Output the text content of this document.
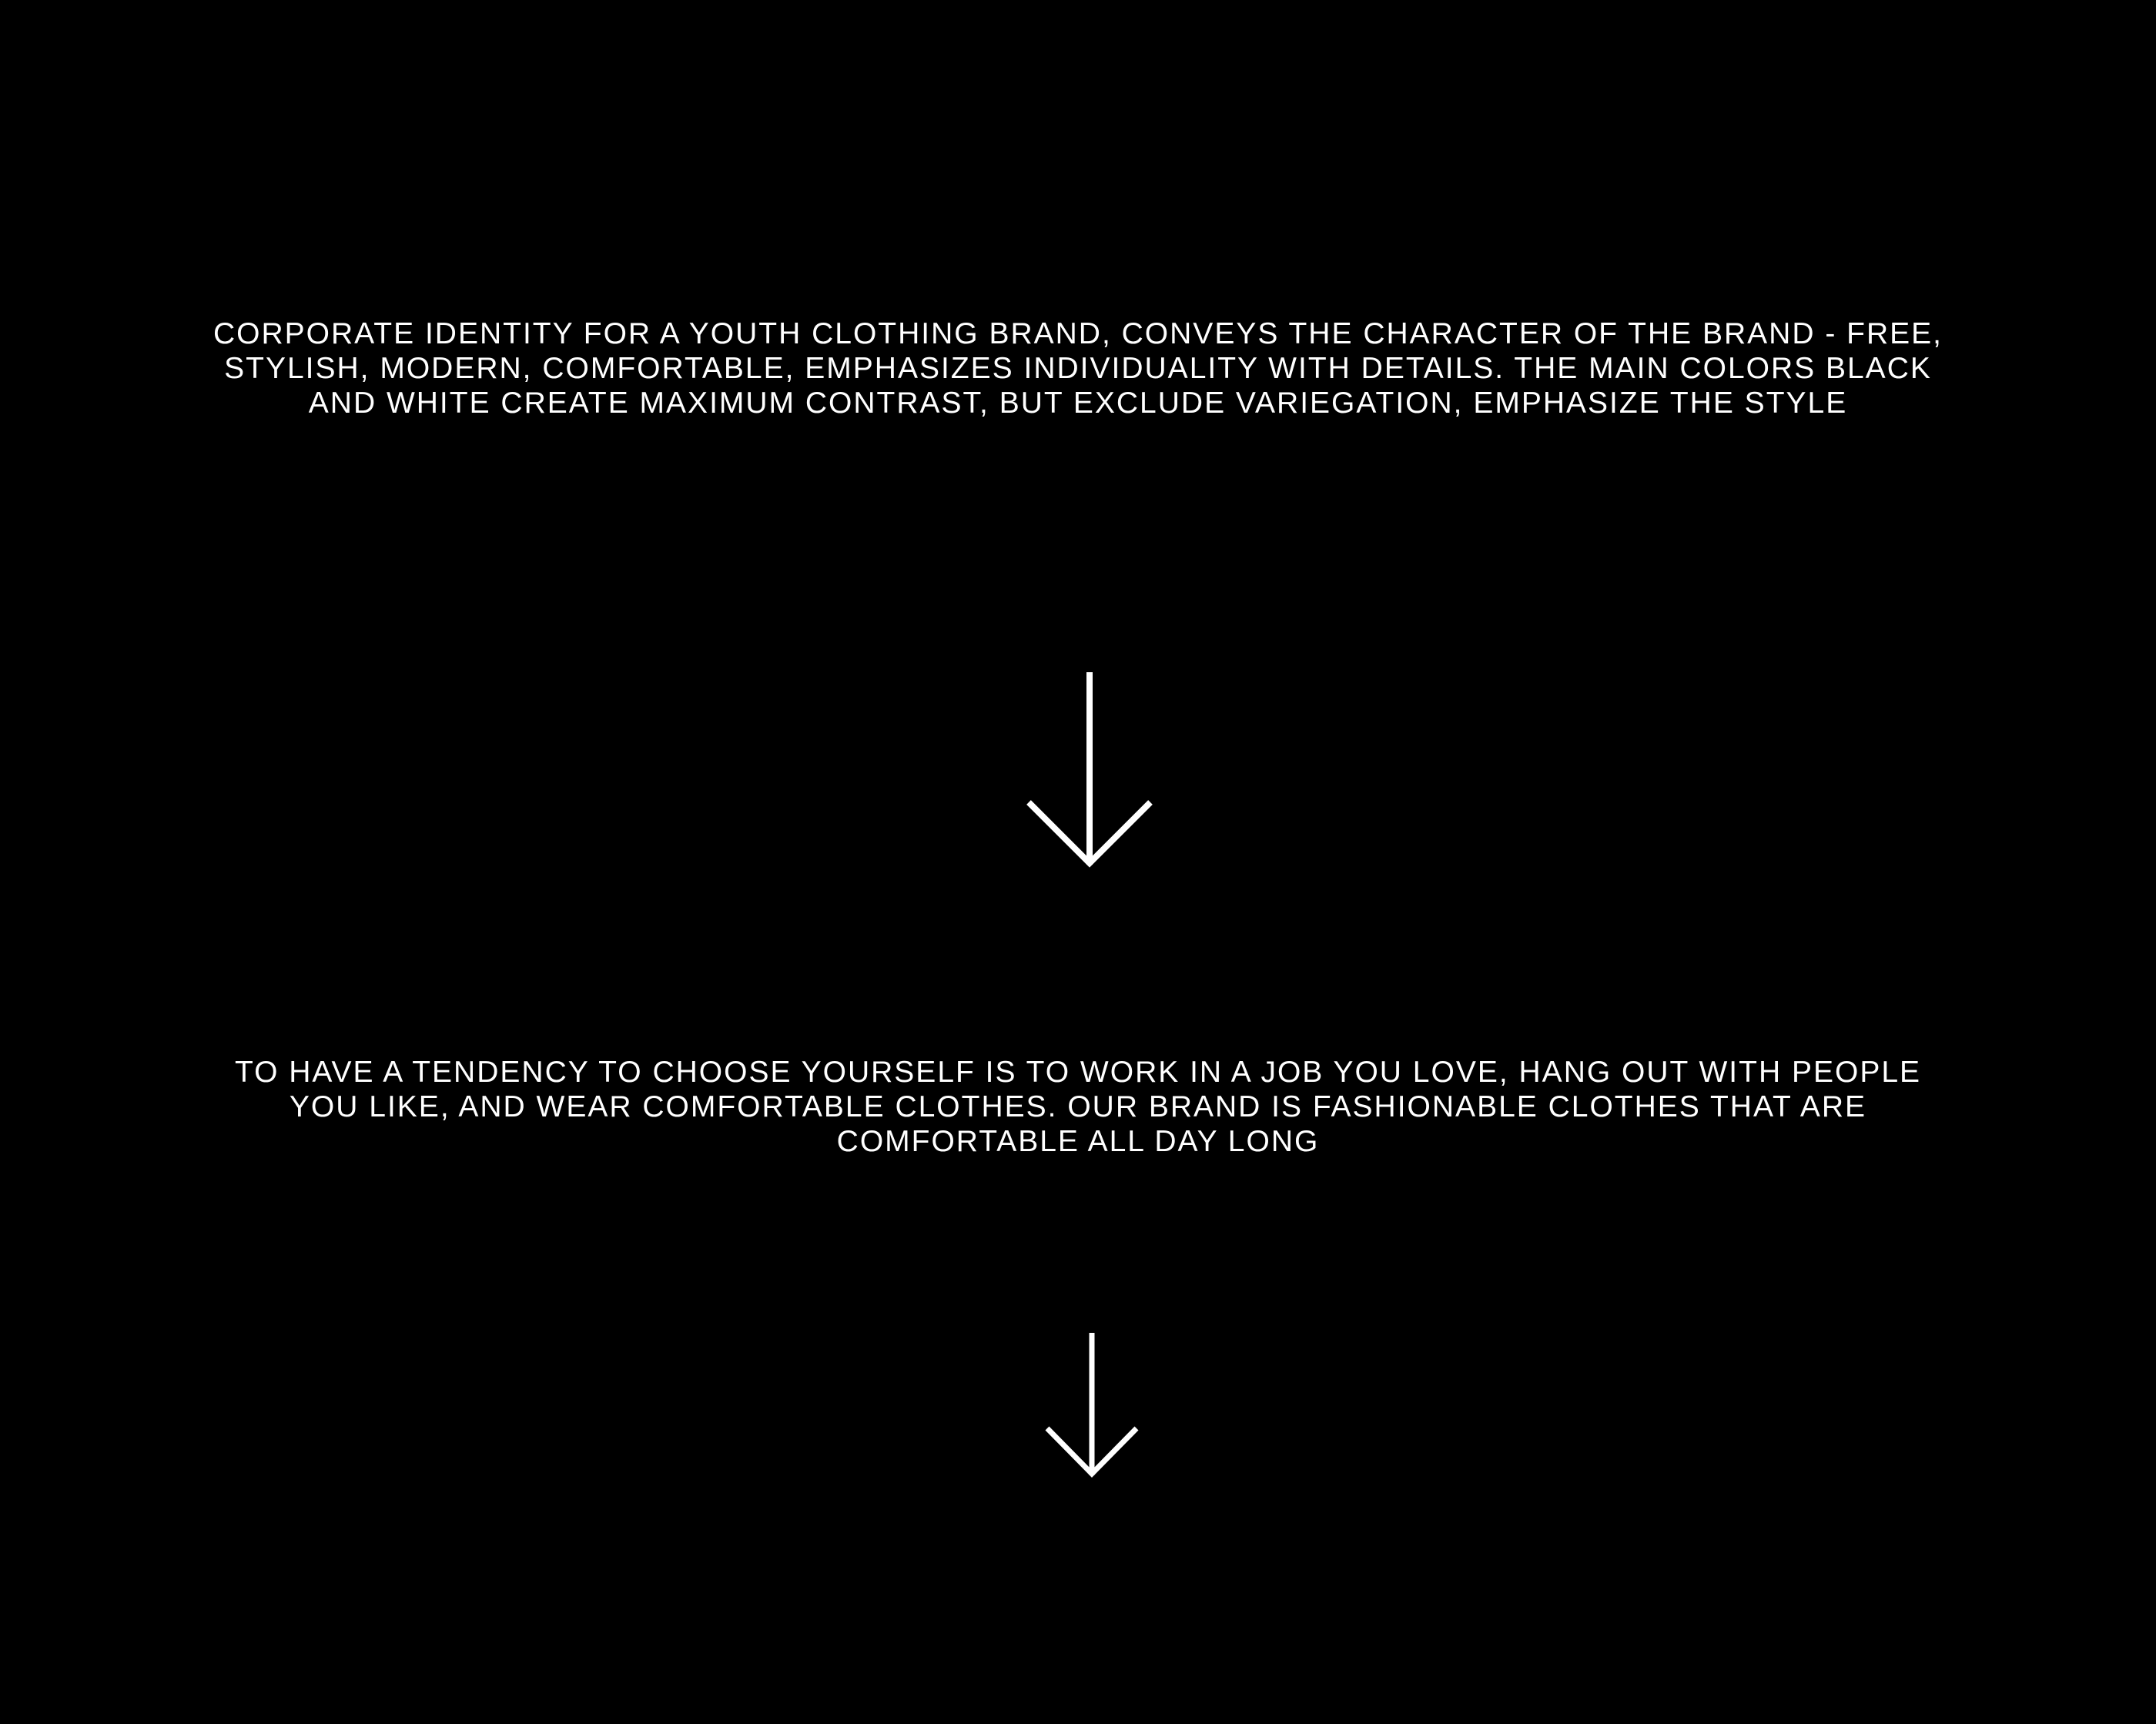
CORPORATE IDENTITY FOR A YOUTH CLOTHING BRAND, CONVEYS THE CHARACTER OF THE BRAND - FREE,
STYLISH, MODERN, COMFORTABLE, EMPHASIZES INDIVIDUALITY WITH DETAILS. THE MAIN COLORS BLACK
AND WHITE CREATE MAXIMUM CONTRAST, BUT EXCLUDE VARIEGATION, EMPHASIZE THE STYLE
TO HAVE A TENDENCY TO CHOOSE YOURSELF IS TO WORK IN A JOB YOU LOVE, HANG OUT WITH PEOPLE
YOU LIKE, AND WEAR COMFORTABLE CLOTHES. OUR BRAND IS FASHIONABLE CLOTHES THAT ARE
COMFORTABLE ALL DAY LONG
